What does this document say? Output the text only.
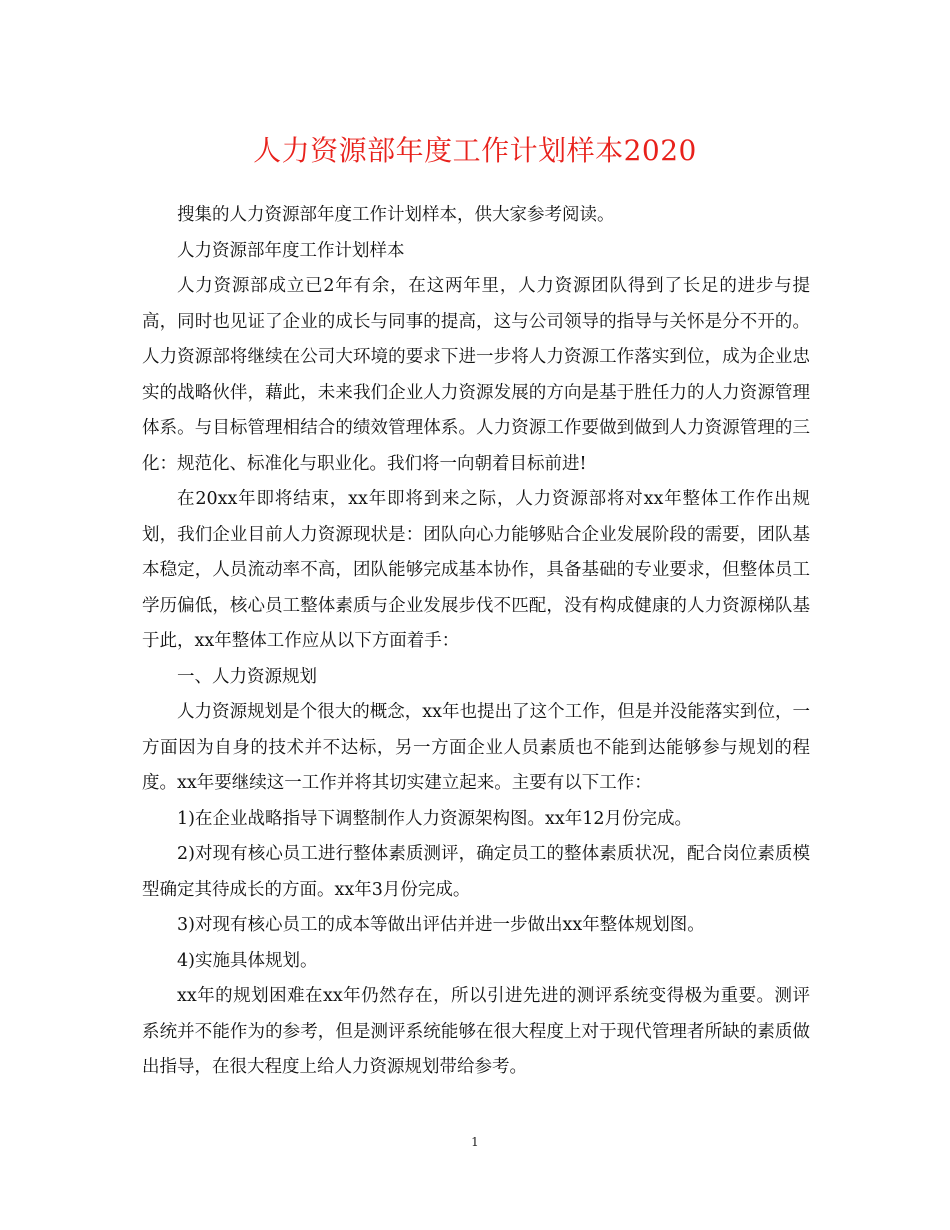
人力资源部年度工作计划样本2020

搜集的人力资源部年度工作计划样本，供大家参考阅读。

人力资源部年度工作计划样本

人力资源部成立已2年有余，在这两年里，人力资源团队得到了长足的进步与提高，同时也见证了企业的成长与同事的提高，这与公司领导的指导与关怀是分不开的。人力资源部将继续在公司大环境的要求下进一步将人力资源工作落实到位，成为企业忠实的战略伙伴，藉此，未来我们企业人力资源发展的方向是基于胜任力的人力资源管理体系。与目标管理相结合的绩效管理体系。人力资源工作要做到做到人力资源管理的三化：规范化、标准化与职业化。我们将一向朝着目标前进!

在20xx年即将结束，xx年即将到来之际，人力资源部将对xx年整体工作作出规划，我们企业目前人力资源现状是：团队向心力能够贴合企业发展阶段的需要，团队基本稳定，人员流动率不高，团队能够完成基本协作，具备基础的专业要求，但整体员工学历偏低，核心员工整体素质与企业发展步伐不匹配，没有构成健康的人力资源梯队基于此，xx年整体工作应从以下方面着手：

一、人力资源规划

人力资源规划是个很大的概念，xx年也提出了这个工作，但是并没能落实到位，一方面因为自身的技术并不达标，另一方面企业人员素质也不能到达能够参与规划的程度。xx年要继续这一工作并将其切实建立起来。主要有以下工作：

1)在企业战略指导下调整制作人力资源架构图。xx年12月份完成。

2)对现有核心员工进行整体素质测评，确定员工的整体素质状况，配合岗位素质模型确定其待成长的方面。xx年3月份完成。

3)对现有核心员工的成本等做出评估并进一步做出xx年整体规划图。

4)实施具体规划。

xx年的规划困难在xx年仍然存在，所以引进先进的测评系统变得极为重要。测评系统并不能作为的参考，但是测评系统能够在很大程度上对于现代管理者所缺的素质做出指导，在很大程度上给人力资源规划带给参考。

1
